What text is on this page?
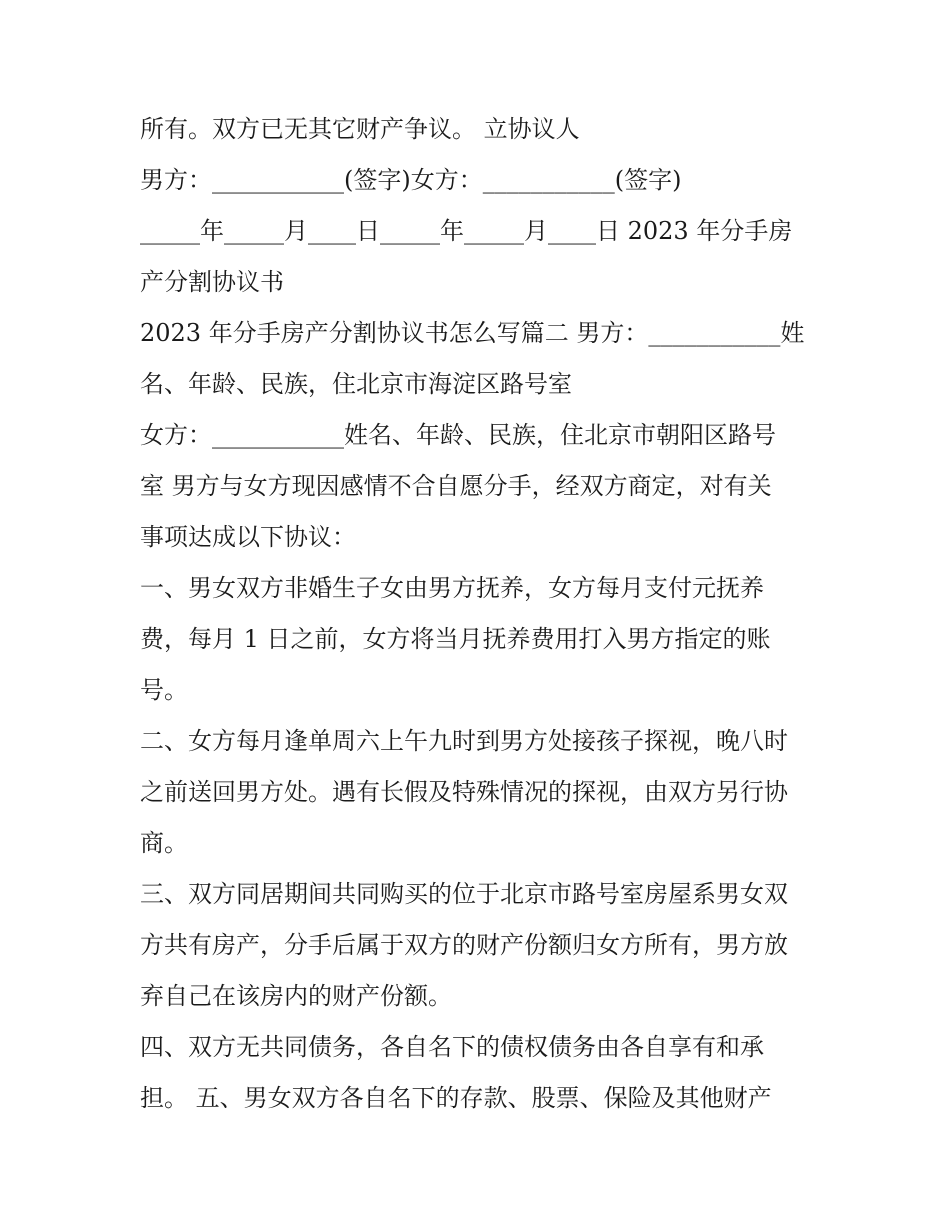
所有。双方已无其它财产争议。 立协议人

男方：___________(签字)女方：___________(签字)

_____年_____月____日_____年_____月____日 2023 年分手房

产分割协议书

2023 年分手房产分割协议书怎么写篇二 男方：___________姓

名、年龄、民族，住北京市海淀区路号室

女方：___________姓名、年龄、民族，住北京市朝阳区路号

室 男方与女方现因感情不合自愿分手，经双方商定，对有关

事项达成以下协议：

一、男女双方非婚生子女由男方抚养，女方每月支付元抚养

费，每月 1 日之前，女方将当月抚养费用打入男方指定的账

号。

二、女方每月逢单周六上午九时到男方处接孩子探视，晚八时

之前送回男方处。遇有长假及特殊情况的探视，由双方另行协

商。

三、双方同居期间共同购买的位于北京市路号室房屋系男女双

方共有房产，分手后属于双方的财产份额归女方所有，男方放

弃自己在该房内的财产份额。

四、双方无共同债务，各自名下的债权债务由各自享有和承

担。 五、男女双方各自名下的存款、股票、保险及其他财产
